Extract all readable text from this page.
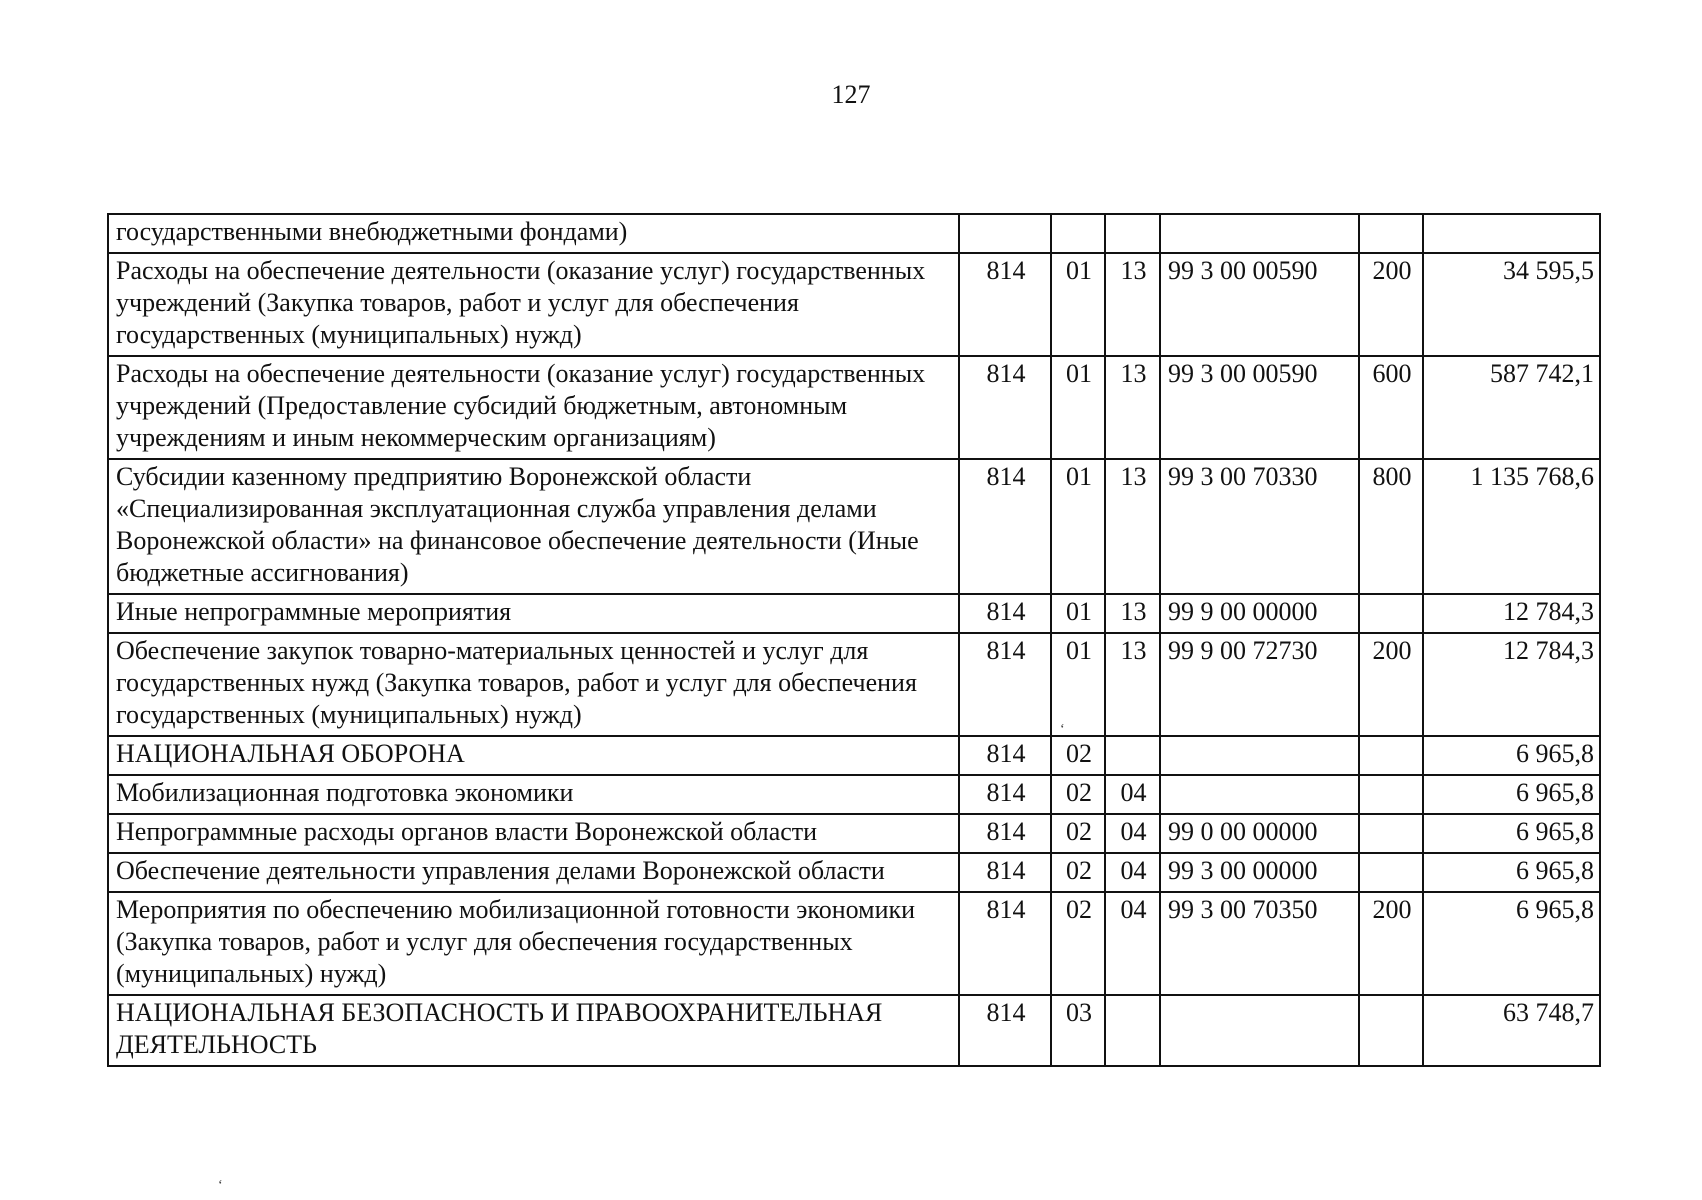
127
государственными внебюджетными фондами)						
Расходы на обеспечение деятельности (оказание услуг) государственных учреждений (Закупка товаров, работ и услуг для обеспечения государственных (муниципальных) нужд)	814	01	13	99 3 00 00590	200	34 595,5
Расходы на обеспечение деятельности (оказание услуг) государственных учреждений (Предоставление субсидий бюджетным, автономным учреждениям и иным некоммерческим организациям)	814	01	13	99 3 00 00590	600	587 742,1
Субсидии казенному предприятию Воронежской области «Специализированная эксплуатационная служба управления делами Воронежской области» на финансовое обеспечение деятельности (Иные бюджетные ассигнования)	814	01	13	99 3 00 70330	800	1 135 768,6
Иные непрограммные мероприятия	814	01	13	99 9 00 00000		12 784,3
Обеспечение закупок товарно-материальных ценностей и услуг для государственных нужд (Закупка товаров, работ и услуг для обеспечения государственных (муниципальных) нужд)	814	01	13	99 9 00 72730	200	12 784,3
НАЦИОНАЛЬНАЯ ОБОРОНА	814	02				6 965,8
Мобилизационная подготовка экономики	814	02	04			6 965,8
Непрограммные расходы органов власти Воронежской области	814	02	04	99 0 00 00000		6 965,8
Обеспечение деятельности управления делами Воронежской области	814	02	04	99 3 00 00000		6 965,8
Мероприятия по обеспечению мобилизационной готовности экономики (Закупка товаров, работ и услуг для обеспечения государственных (муниципальных) нужд)	814	02	04	99 3 00 70350	200	6 965,8
НАЦИОНАЛЬНАЯ БЕЗОПАСНОСТЬ И ПРАВООХРАНИТЕЛЬНАЯ ДЕЯТЕЛЬНОСТЬ	814	03				63 748,7
‘
‘
